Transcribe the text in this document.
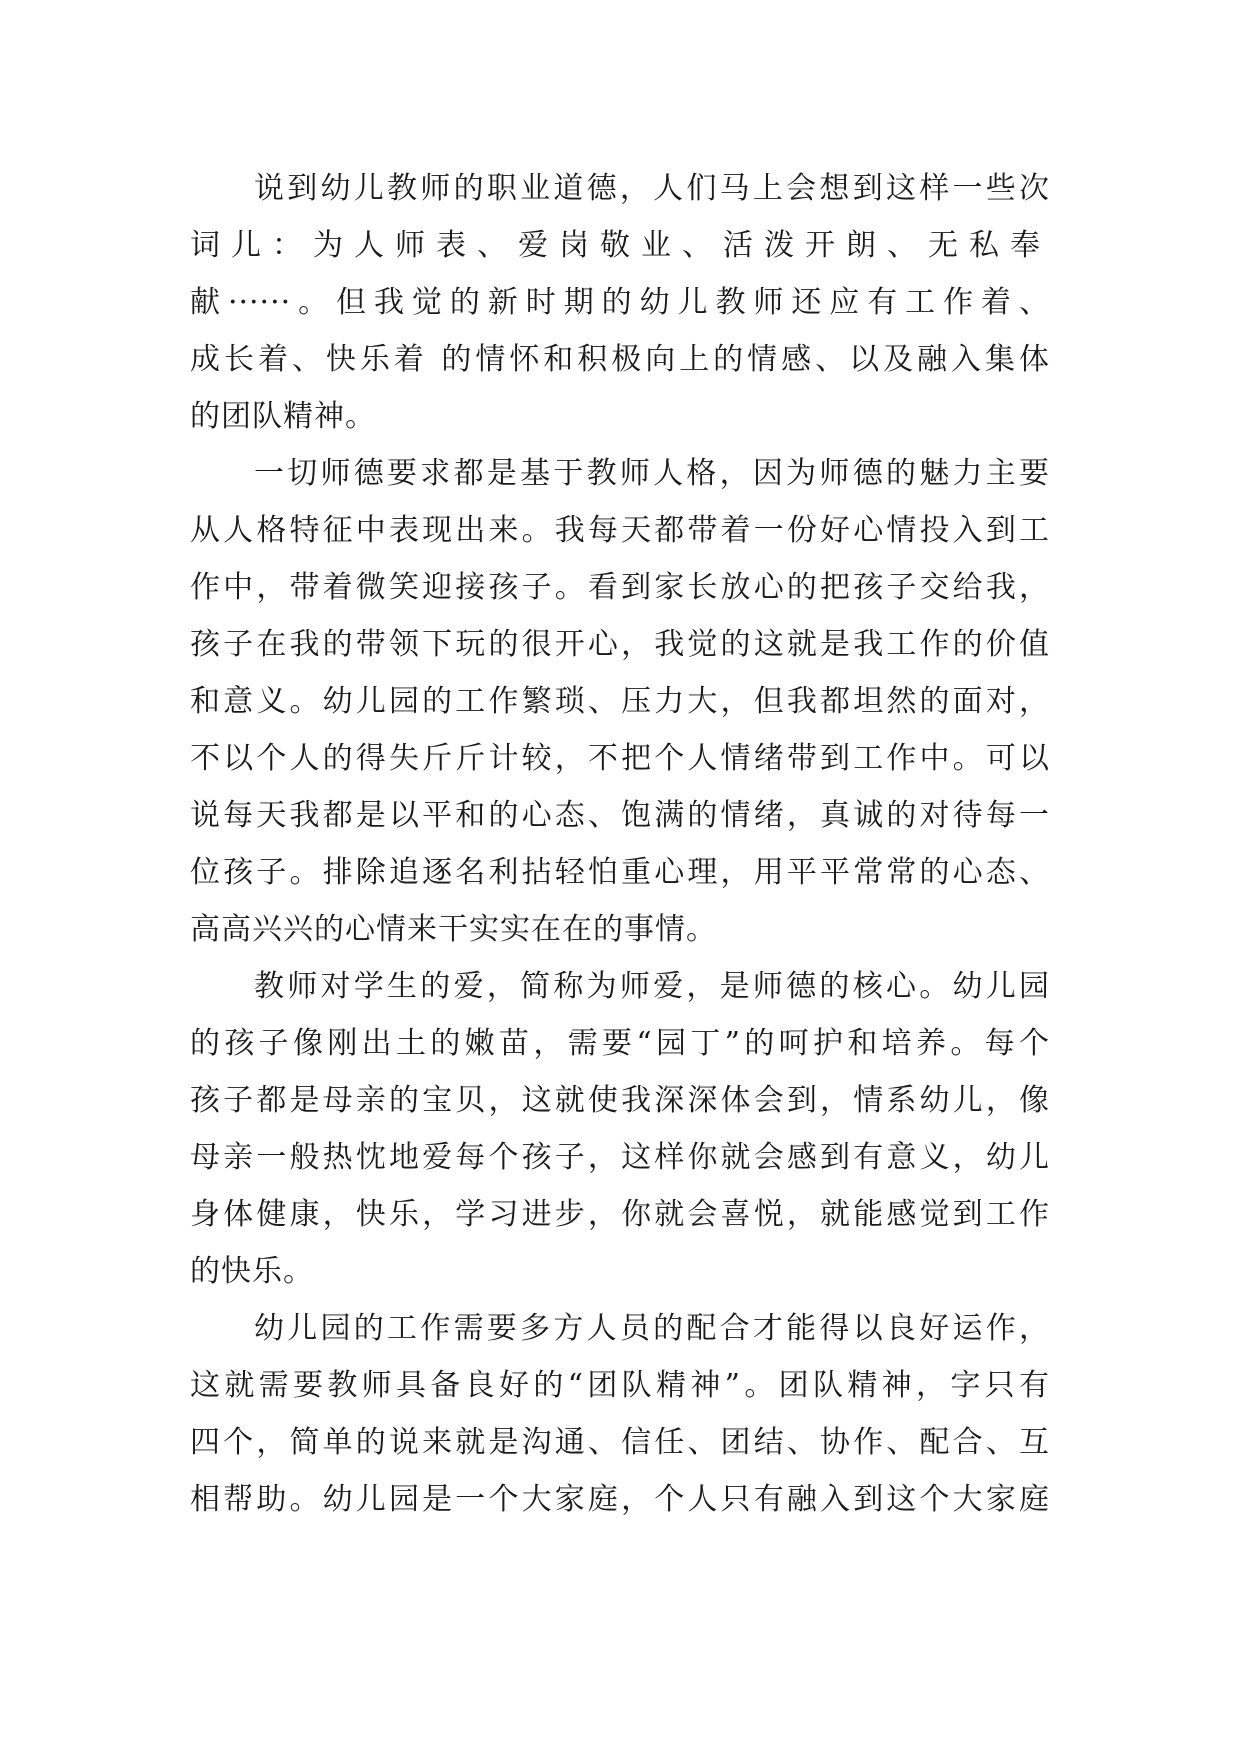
说到幼儿教师的职业道德，人们马上会想到这样一些次
词儿：为人师表、爱岗敬业、活泼开朗、无私奉
献······。但我觉的新时期的幼儿教师还应有工作着、
成长着、快乐着 的情怀和积极向上的情感、以及融入集体
的团队精神。
一切师德要求都是基于教师人格，因为师德的魅力主要
从人格特征中表现出来。我每天都带着一份好心情投入到工
作中，带着微笑迎接孩子。看到家长放心的把孩子交给我，
孩子在我的带领下玩的很开心，我觉的这就是我工作的价值
和意义。幼儿园的工作繁琐、压力大，但我都坦然的面对，
不以个人的得失斤斤计较，不把个人情绪带到工作中。可以
说每天我都是以平和的心态、饱满的情绪，真诚的对待每一
位孩子。排除追逐名利拈轻怕重心理，用平平常常的心态、
高高兴兴的心情来干实实在在的事情。
教师对学生的爱，简称为师爱，是师德的核心。幼儿园
的孩子像刚出土的嫩苗，需要“园丁”的呵护和培养。每个
孩子都是母亲的宝贝，这就使我深深体会到，情系幼儿，像
母亲一般热忱地爱每个孩子，这样你就会感到有意义，幼儿
身体健康，快乐，学习进步，你就会喜悦，就能感觉到工作
的快乐。
幼儿园的工作需要多方人员的配合才能得以良好运作，
这就需要教师具备良好的“团队精神”。团队精神，字只有
四个，简单的说来就是沟通、信任、团结、协作、配合、互
相帮助。幼儿园是一个大家庭，个人只有融入到这个大家庭
